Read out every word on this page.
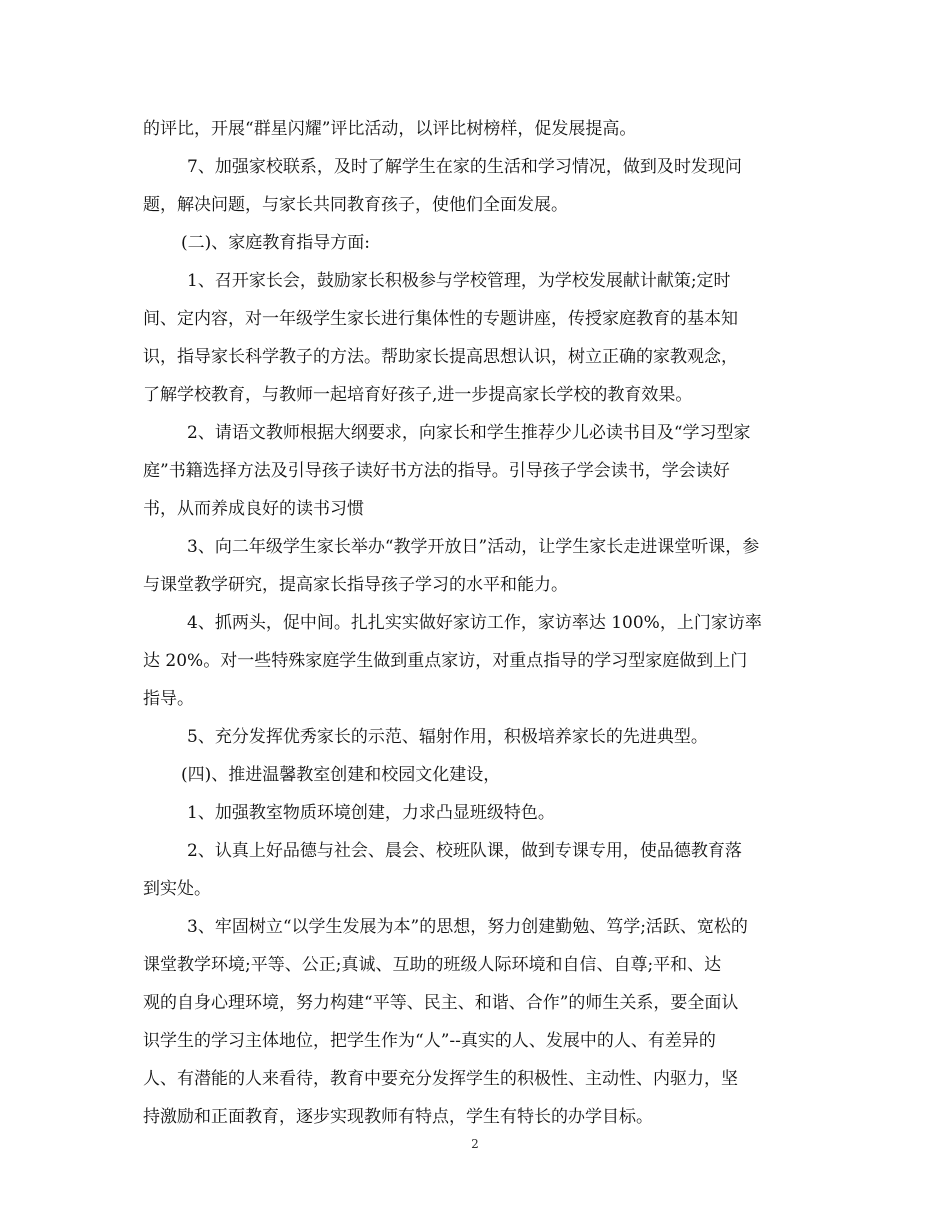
的评比，开展“群星闪耀”评比活动，以评比树榜样，促发展提高。
7、加强家校联系，及时了解学生在家的生活和学习情况，做到及时发现问
题，解决问题，与家长共同教育孩子，使他们全面发展。
(二)、家庭教育指导方面:
1、召开家长会，鼓励家长积极参与学校管理，为学校发展献计献策;定时
间、定内容，对一年级学生家长进行集体性的专题讲座，传授家庭教育的基本知
识，指导家长科学教子的方法。帮助家长提高思想认识，树立正确的家教观念，
了解学校教育，与教师一起培育好孩子,进一步提高家长学校的教育效果。
2、请语文教师根据大纲要求，向家长和学生推荐少儿必读书目及“学习型家
庭”书籍选择方法及引导孩子读好书方法的指导。引导孩子学会读书，学会读好
书，从而养成良好的读书习惯
3、向二年级学生家长举办“教学开放日”活动，让学生家长走进课堂听课，参
与课堂教学研究，提高家长指导孩子学习的水平和能力。
4、抓两头，促中间。扎扎实实做好家访工作，家访率达 100%，上门家访率
达 20%。对一些特殊家庭学生做到重点家访，对重点指导的学习型家庭做到上门
指导。
5、充分发挥优秀家长的示范、辐射作用，积极培养家长的先进典型。
(四)、推进温馨教室创建和校园文化建设，
1、加强教室物质环境创建，力求凸显班级特色。
2、认真上好品德与社会、晨会、校班队课，做到专课专用，使品德教育落
到实处。
3、牢固树立“以学生发展为本”的思想，努力创建勤勉、笃学;活跃、宽松的
课堂教学环境;平等、公正;真诚、互助的班级人际环境和自信、自尊;平和、达
观的自身心理环境，努力构建“平等、民主、和谐、合作”的师生关系，要全面认
识学生的学习主体地位，把学生作为“人”--真实的人、发展中的人、有差异的
人、有潜能的人来看待，教育中要充分发挥学生的积极性、主动性、内驱力，坚
持激励和正面教育，逐步实现教师有特点，学生有特长的办学目标。
2
